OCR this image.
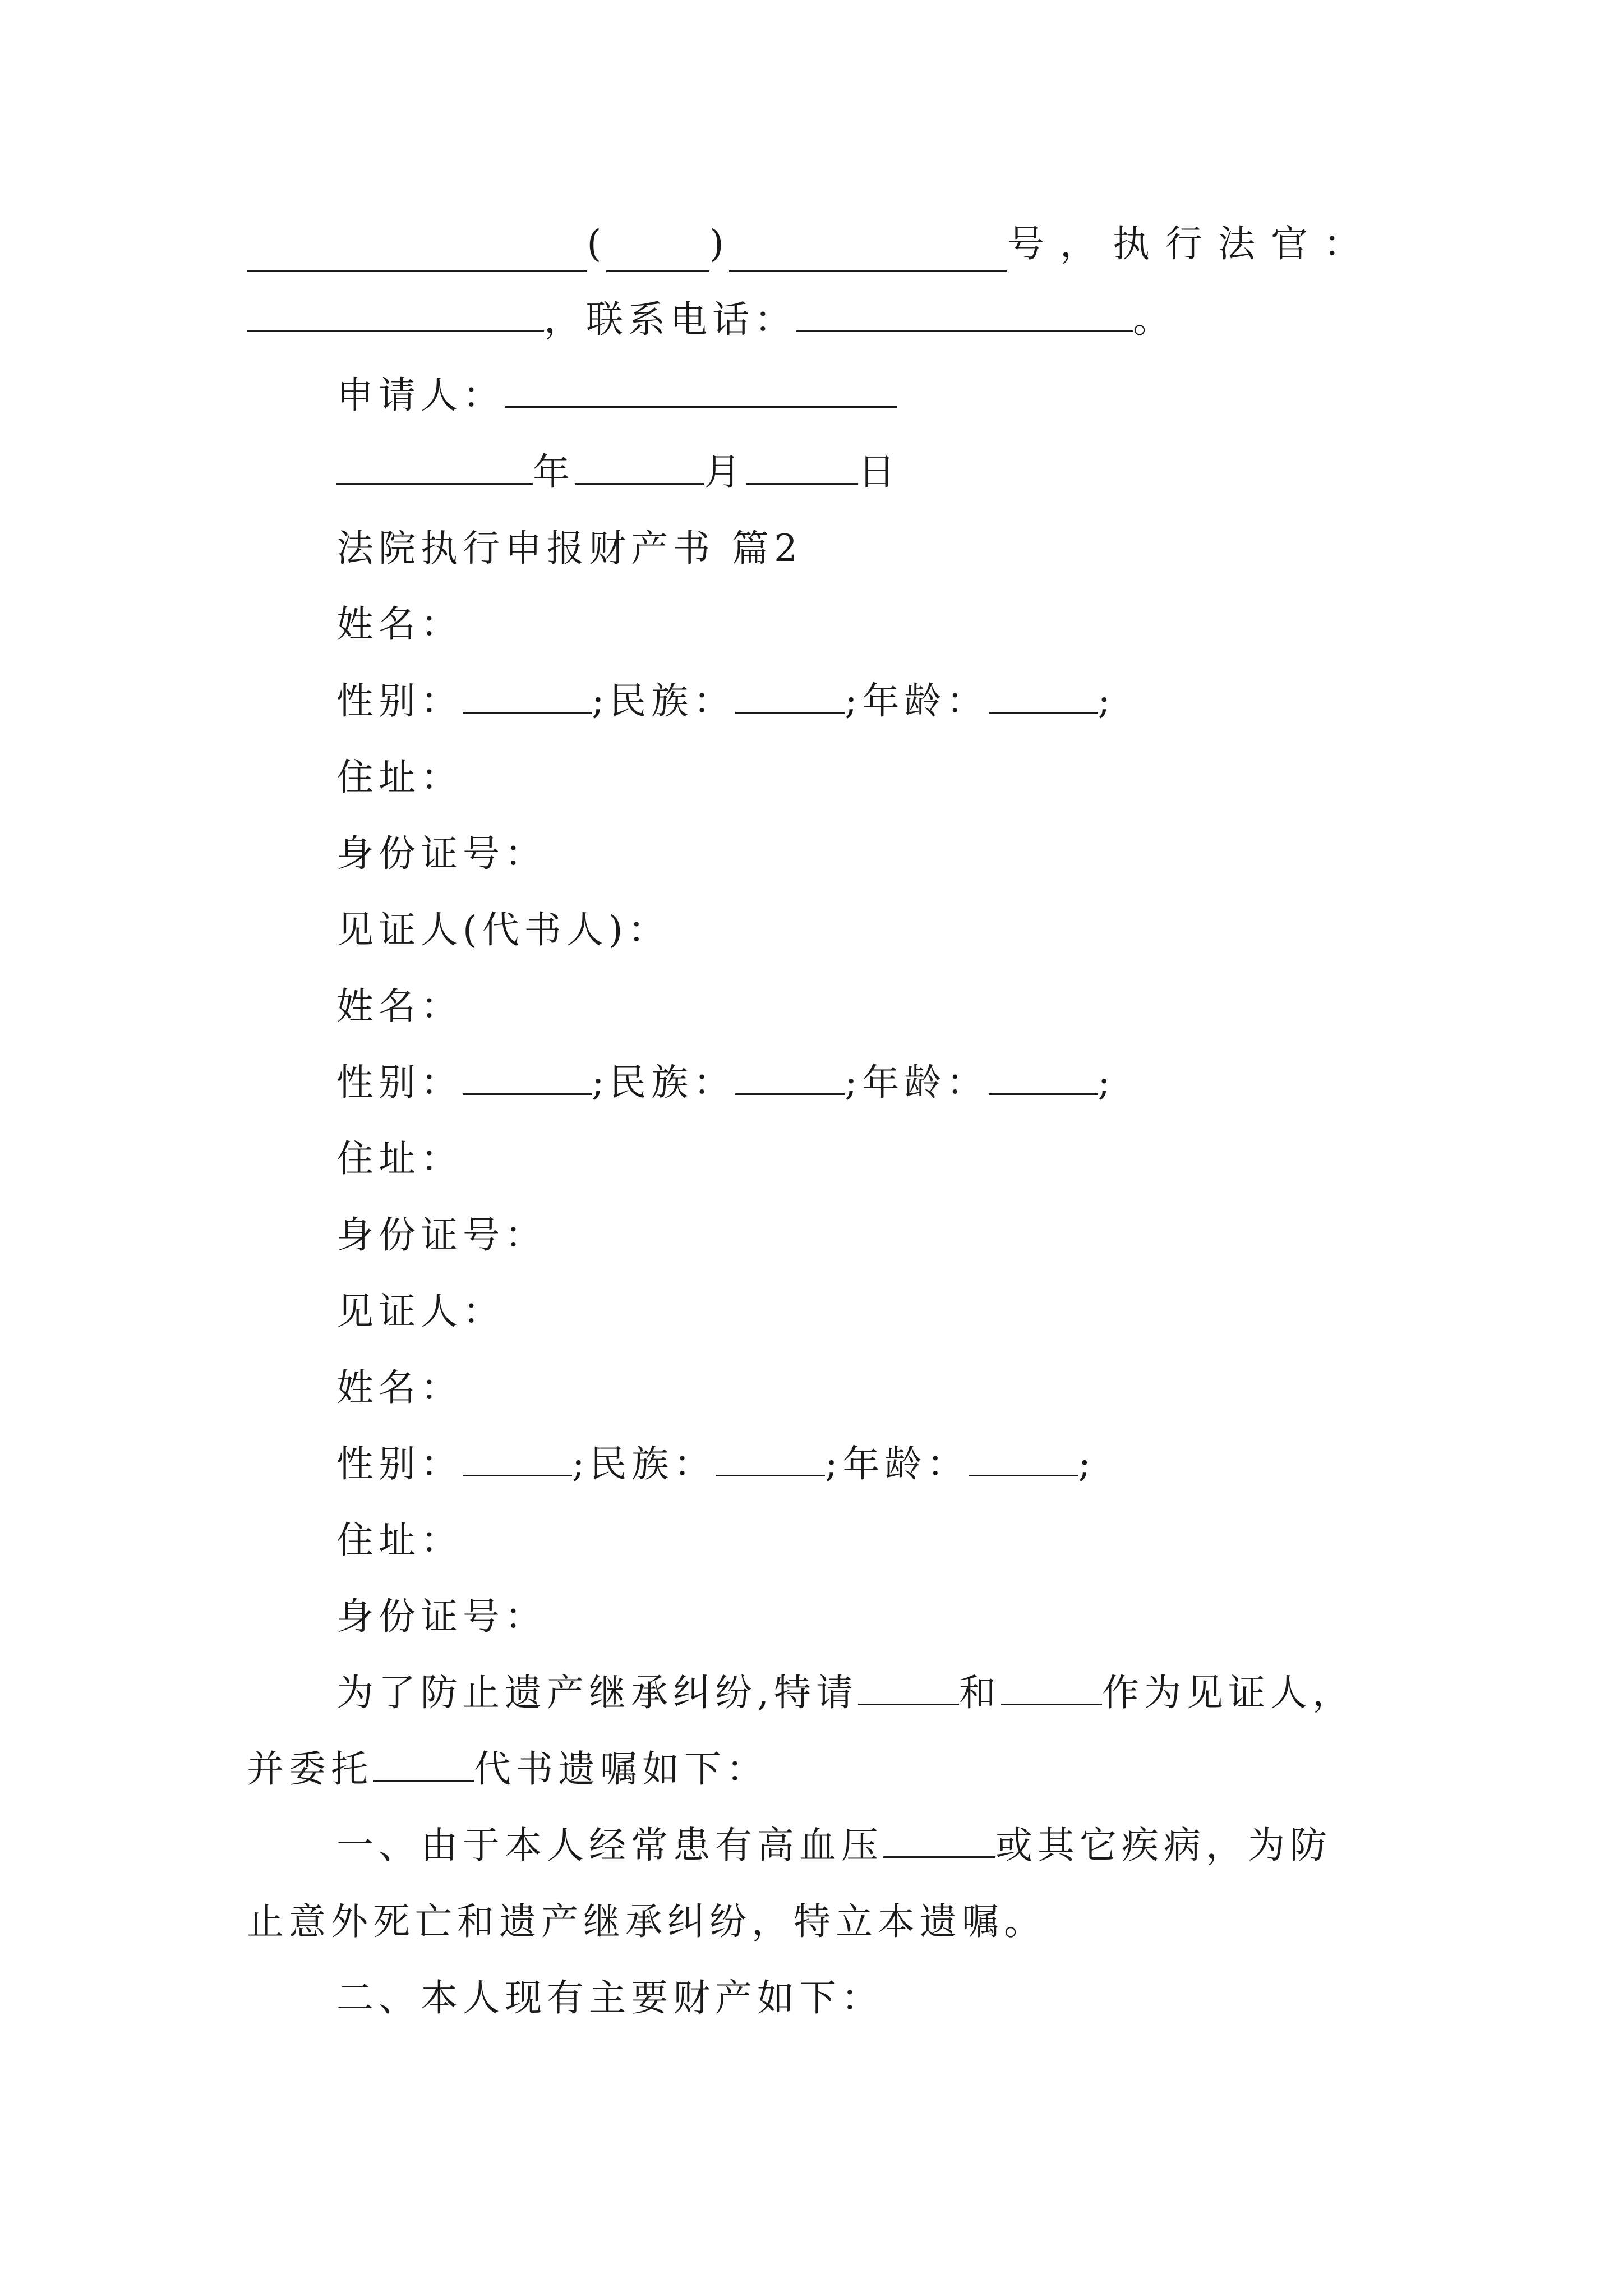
(	)	号，执行法官：
，联系电话：	。
申请人：
年	月	日
法院执行申报财产书 篇2
姓名：
性别：	;民族：	;年龄：	;
住址：
身份证号：
见证人(代书人)：
姓名：
性别：	;民族：	;年龄：	;
住址：
身份证号：
见证人：
姓名：
性别：	;民族：	;年龄：	;
住址：
身份证号：
为了防止遗产继承纠纷,特请	和	作为见证人，
并委托	代书遗嘱如下：
一、由于本人经常患有高血压	或其它疾病，为防
止意外死亡和遗产继承纠纷，特立本遗嘱。
二、本人现有主要财产如下：
